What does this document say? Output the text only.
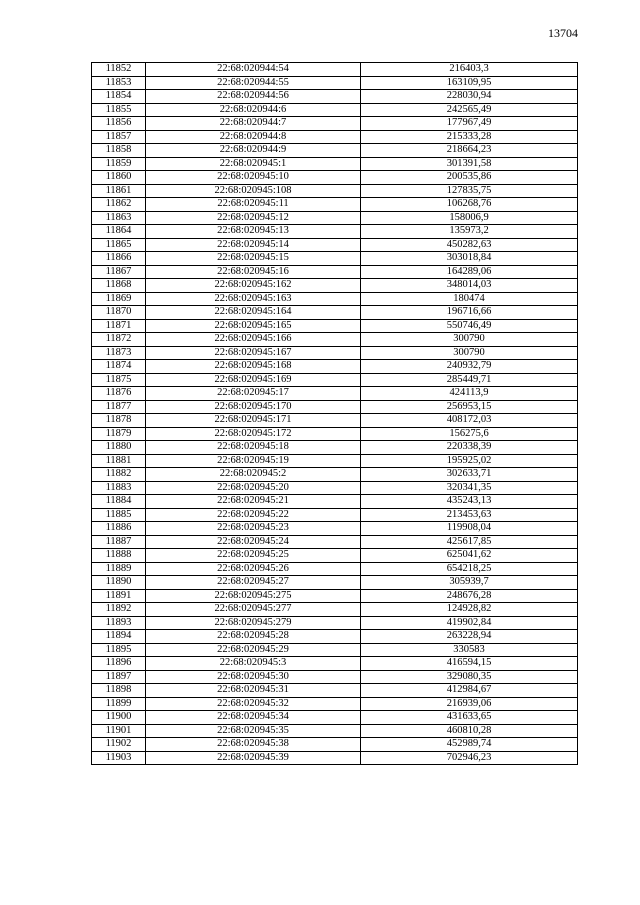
13704
11852	22:68:020944:54	216403,3
11853	22:68:020944:55	163109,95
11854	22:68:020944:56	228030,94
11855	22:68:020944:6	242565,49
11856	22:68:020944:7	177967,49
11857	22:68:020944:8	215333,28
11858	22:68:020944:9	218664,23
11859	22:68:020945:1	301391,58
11860	22:68:020945:10	200535,86
11861	22:68:020945:108	127835,75
11862	22:68:020945:11	106268,76
11863	22:68:020945:12	158006,9
11864	22:68:020945:13	135973,2
11865	22:68:020945:14	450282,63
11866	22:68:020945:15	303018,84
11867	22:68:020945:16	164289,06
11868	22:68:020945:162	348014,03
11869	22:68:020945:163	180474
11870	22:68:020945:164	196716,66
11871	22:68:020945:165	550746,49
11872	22:68:020945:166	300790
11873	22:68:020945:167	300790
11874	22:68:020945:168	240932,79
11875	22:68:020945:169	285449,71
11876	22:68:020945:17	424113,9
11877	22:68:020945:170	256953,15
11878	22:68:020945:171	408172,03
11879	22:68:020945:172	156275,6
11880	22:68:020945:18	220338,39
11881	22:68:020945:19	195925,02
11882	22:68:020945:2	302633,71
11883	22:68:020945:20	320341,35
11884	22:68:020945:21	435243,13
11885	22:68:020945:22	213453,63
11886	22:68:020945:23	119908,04
11887	22:68:020945:24	425617,85
11888	22:68:020945:25	625041,62
11889	22:68:020945:26	654218,25
11890	22:68:020945:27	305939,7
11891	22:68:020945:275	248676,28
11892	22:68:020945:277	124928,82
11893	22:68:020945:279	419902,84
11894	22:68:020945:28	263228,94
11895	22:68:020945:29	330583
11896	22:68:020945:3	416594,15
11897	22:68:020945:30	329080,35
11898	22:68:020945:31	412984,67
11899	22:68:020945:32	216939,06
11900	22:68:020945:34	431633,65
11901	22:68:020945:35	460810,28
11902	22:68:020945:38	452989,74
11903	22:68:020945:39	702946,23
